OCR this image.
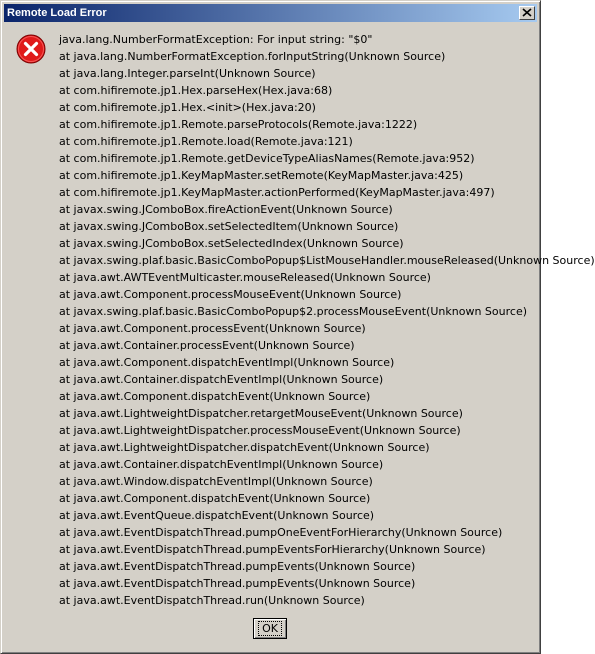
Remote Load Error
java.lang.NumberFormatException: For input string: "$0"
at java.lang.NumberFormatException.forInputString(Unknown Source)
at java.lang.Integer.parseInt(Unknown Source)
at com.hifiremote.jp1.Hex.parseHex(Hex.java:68)
at com.hifiremote.jp1.Hex.<init>(Hex.java:20)
at com.hifiremote.jp1.Remote.parseProtocols(Remote.java:1222)
at com.hifiremote.jp1.Remote.load(Remote.java:121)
at com.hifiremote.jp1.Remote.getDeviceTypeAliasNames(Remote.java:952)
at com.hifiremote.jp1.KeyMapMaster.setRemote(KeyMapMaster.java:425)
at com.hifiremote.jp1.KeyMapMaster.actionPerformed(KeyMapMaster.java:497)
at javax.swing.JComboBox.fireActionEvent(Unknown Source)
at javax.swing.JComboBox.setSelectedItem(Unknown Source)
at javax.swing.JComboBox.setSelectedIndex(Unknown Source)
at javax.swing.plaf.basic.BasicComboPopup$ListMouseHandler.mouseReleased(Unknown Source)
at java.awt.AWTEventMulticaster.mouseReleased(Unknown Source)
at java.awt.Component.processMouseEvent(Unknown Source)
at javax.swing.plaf.basic.BasicComboPopup$2.processMouseEvent(Unknown Source)
at java.awt.Component.processEvent(Unknown Source)
at java.awt.Container.processEvent(Unknown Source)
at java.awt.Component.dispatchEventImpl(Unknown Source)
at java.awt.Container.dispatchEventImpl(Unknown Source)
at java.awt.Component.dispatchEvent(Unknown Source)
at java.awt.LightweightDispatcher.retargetMouseEvent(Unknown Source)
at java.awt.LightweightDispatcher.processMouseEvent(Unknown Source)
at java.awt.LightweightDispatcher.dispatchEvent(Unknown Source)
at java.awt.Container.dispatchEventImpl(Unknown Source)
at java.awt.Window.dispatchEventImpl(Unknown Source)
at java.awt.Component.dispatchEvent(Unknown Source)
at java.awt.EventQueue.dispatchEvent(Unknown Source)
at java.awt.EventDispatchThread.pumpOneEventForHierarchy(Unknown Source)
at java.awt.EventDispatchThread.pumpEventsForHierarchy(Unknown Source)
at java.awt.EventDispatchThread.pumpEvents(Unknown Source)
at java.awt.EventDispatchThread.pumpEvents(Unknown Source)
at java.awt.EventDispatchThread.run(Unknown Source)
OK
